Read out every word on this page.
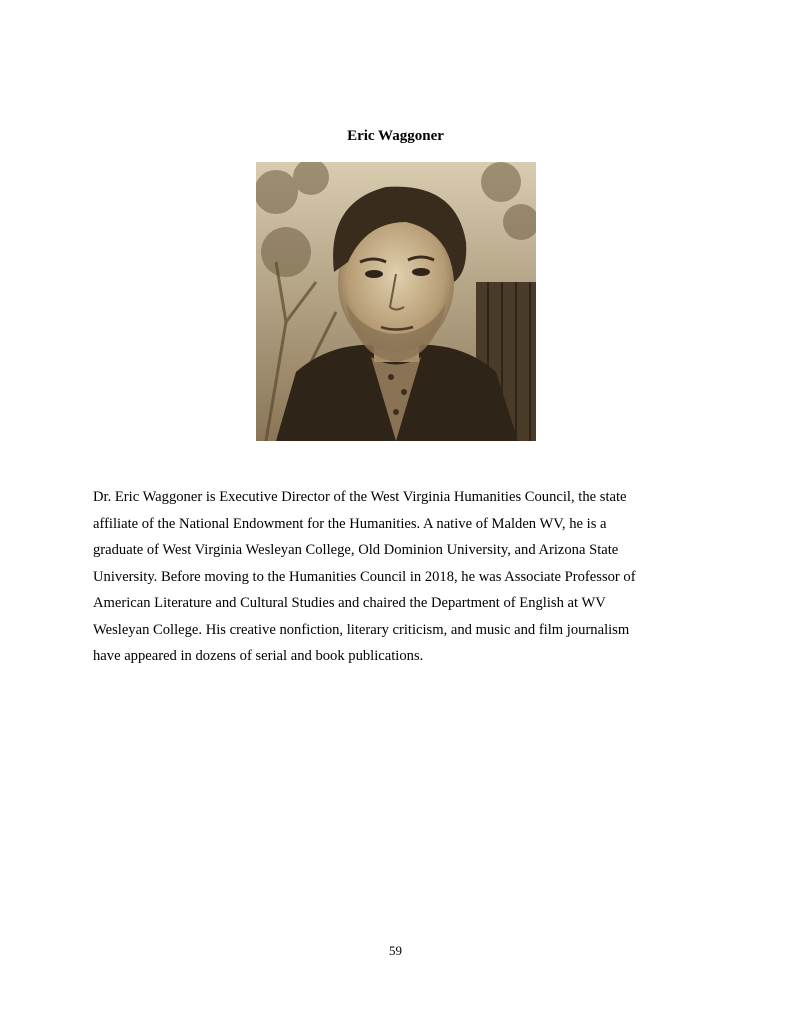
Eric Waggoner

Dr. Eric Waggoner is Executive Director of the West Virginia Humanities Council, the state
affiliate of the National Endowment for the Humanities. A native of Malden WV, he is a
graduate of West Virginia Wesleyan College, Old Dominion University, and Arizona State
University. Before moving to the Humanities Council in 2018, he was Associate Professor of
American Literature and Cultural Studies and chaired the Department of English at WV
Wesleyan College. His creative nonfiction, literary criticism, and music and film journalism
have appeared in dozens of serial and book publications.

59
